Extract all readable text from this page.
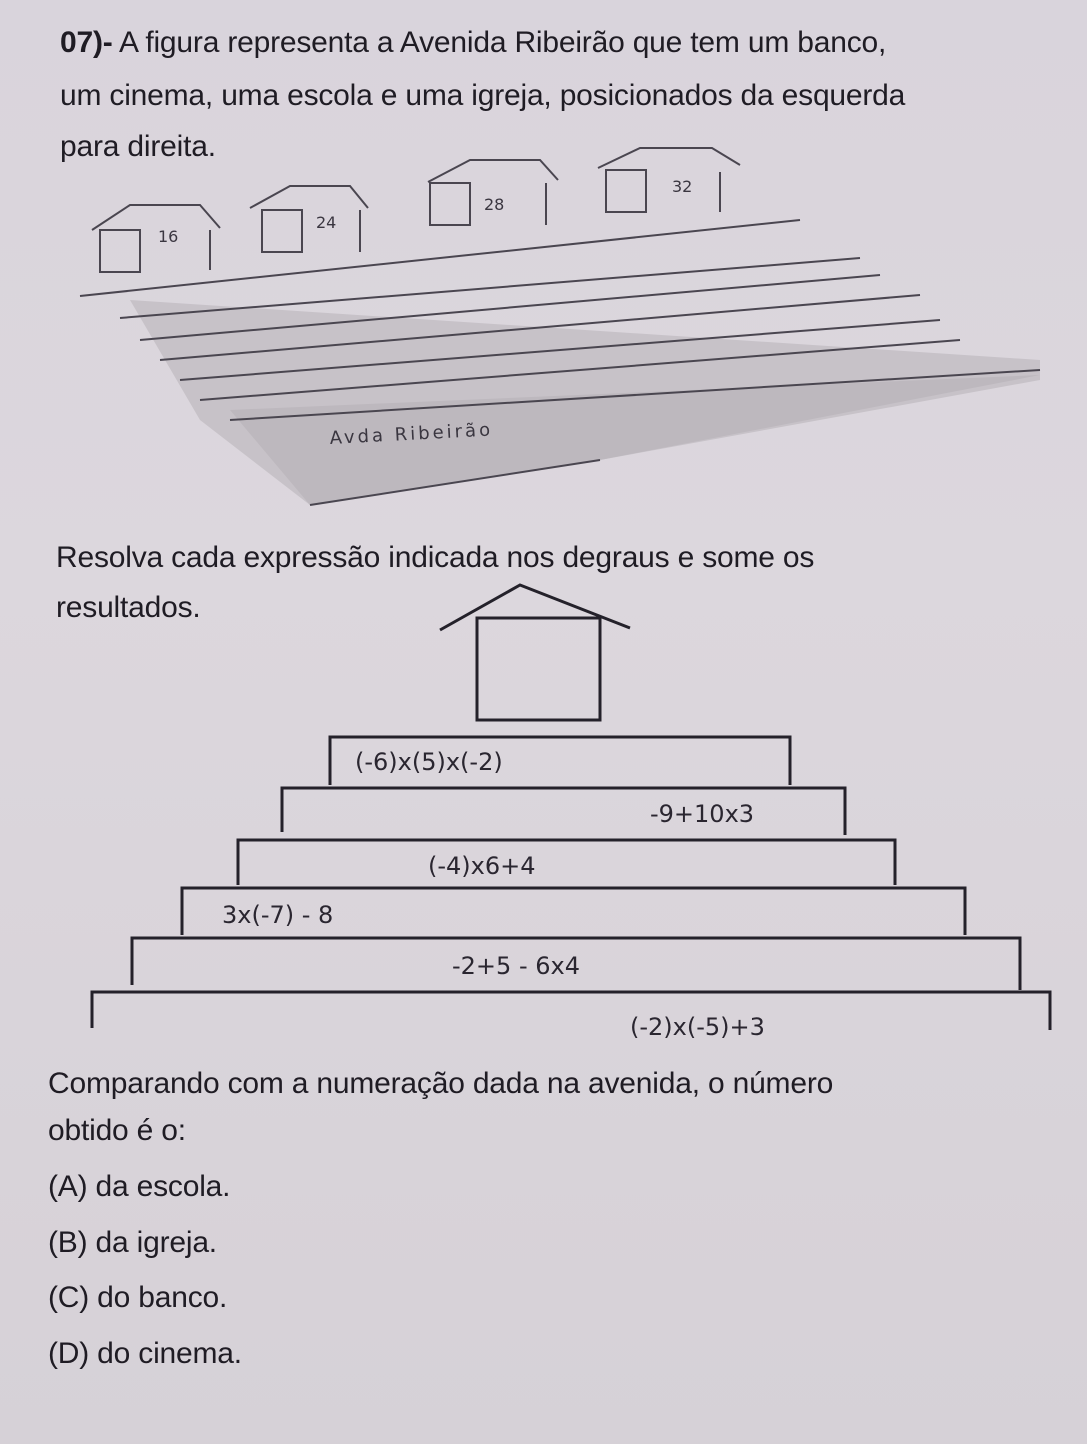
07)- A figura representa a Avenida Ribeirão que tem um banco,
um cinema, uma escola e uma igreja, posicionados da esquerda
para direita.
16
24
28
32
Avda Ribeirão
Resolva cada expressão indicada nos degraus e some os
resultados.
(-6)x(5)x(-2)
-9+10x3
(-4)x6+4
3x(-7) - 8
-2+5 - 6x4
(-2)x(-5)+3
Comparando com a numeração dada na avenida, o número
obtido é o:
(A) da escola.
(B) da igreja.
(C) do banco.
(D) do cinema.
